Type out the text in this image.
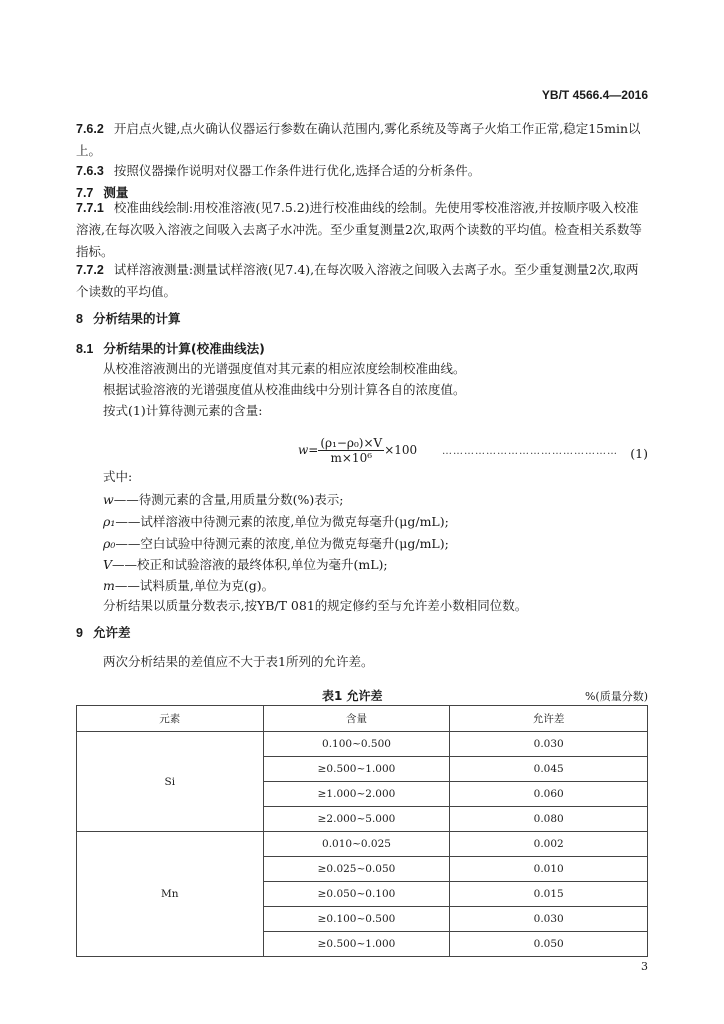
YB/T 4566.4—2016
7.6.2 开启点火键,点火确认仪器运行参数在确认范围内,雾化系统及等离子火焰工作正常,稳定15min以上。
7.6.3 按照仪器操作说明对仪器工作条件进行优化,选择合适的分析条件。
7.7 测量
7.7.1 校准曲线绘制:用校准溶液(见7.5.2)进行校准曲线的绘制。先使用零校准溶液,并按顺序吸入校准溶液,在每次吸入溶液之间吸入去离子水冲洗。至少重复测量2次,取两个读数的平均值。检查相关系数等指标。
7.7.2 试样溶液测量:测量试样溶液(见7.4),在每次吸入溶液之间吸入去离子水。至少重复测量2次,取两个读数的平均值。
8 分析结果的计算
8.1 分析结果的计算(校准曲线法)
从校准溶液测出的光谱强度值对其元素的相应浓度绘制校准曲线。
根据试验溶液的光谱强度值从校准曲线中分别计算各自的浓度值。
按式(1)计算待测元素的含量:
$w= \frac{\text{(ρ₁−ρ₀)×V}}{\text{m×10⁶}} \times 100$ ………………………………………… (1)
式中:
w——待测元素的含量,用质量分数(%)表示;
ρ₁——试样溶液中待测元素的浓度,单位为微克每毫升(μg/mL);
ρ₀——空白试验中待测元素的浓度,单位为微克每毫升(μg/mL);
V——校正和试验溶液的最终体积,单位为毫升(mL);
m——试料质量,单位为克(g)。
分析结果以质量分数表示,按YB/T 081的规定修约至与允许差小数相同位数。
9 允许差
两次分析结果的差值应不大于表1所列的允许差。
表1 允许差	%(质量分数)
元素	含量	允许差
Si	0.100~0.500	0.030
	≥0.500~1.000	0.045
	≥1.000~2.000	0.060
	≥2.000~5.000	0.080
Mn	0.010~0.025	0.002
	≥0.025~0.050	0.010
	≥0.050~0.100	0.015
	≥0.100~0.500	0.030
	≥0.500~1.000	0.050
3
